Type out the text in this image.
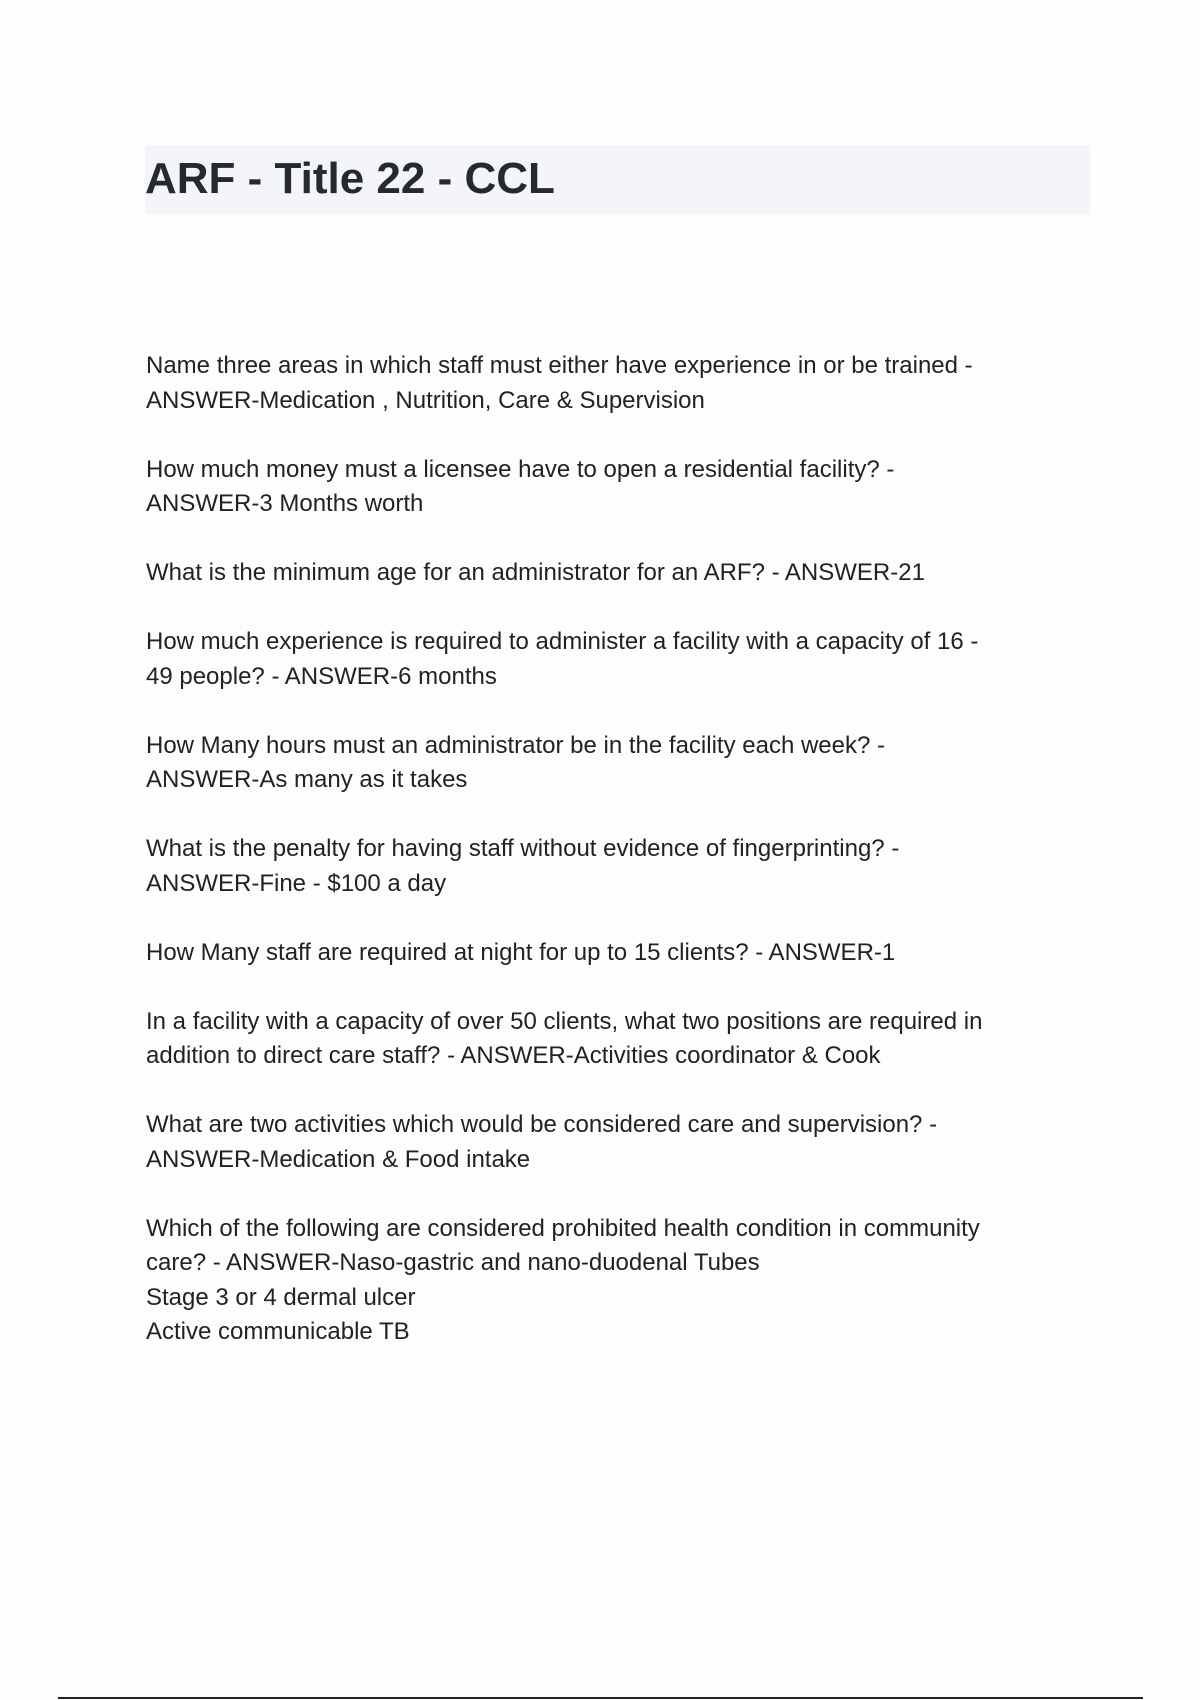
ARF - Title 22 - CCL
Name three areas in which staff must either have experience in or be trained -
ANSWER-Medication , Nutrition, Care & Supervision
How much money must a licensee have to open a residential facility? -
ANSWER-3 Months worth
What is the minimum age for an administrator for an ARF? - ANSWER-21
How much experience is required to administer a facility with a capacity of 16 -
49 people? - ANSWER-6 months
How Many hours must an administrator be in the facility each week? -
ANSWER-As many as it takes
What is the penalty for having staff without evidence of fingerprinting? -
ANSWER-Fine - $100 a day
How Many staff are required at night for up to 15 clients? - ANSWER-1
In a facility with a capacity of over 50 clients, what two positions are required in
addition to direct care staff? - ANSWER-Activities coordinator & Cook
What are two activities which would be considered care and supervision? -
ANSWER-Medication & Food intake
Which of the following are considered prohibited health condition in community
care? - ANSWER-Naso-gastric and nano-duodenal Tubes
Stage 3 or 4 dermal ulcer
Active communicable TB
